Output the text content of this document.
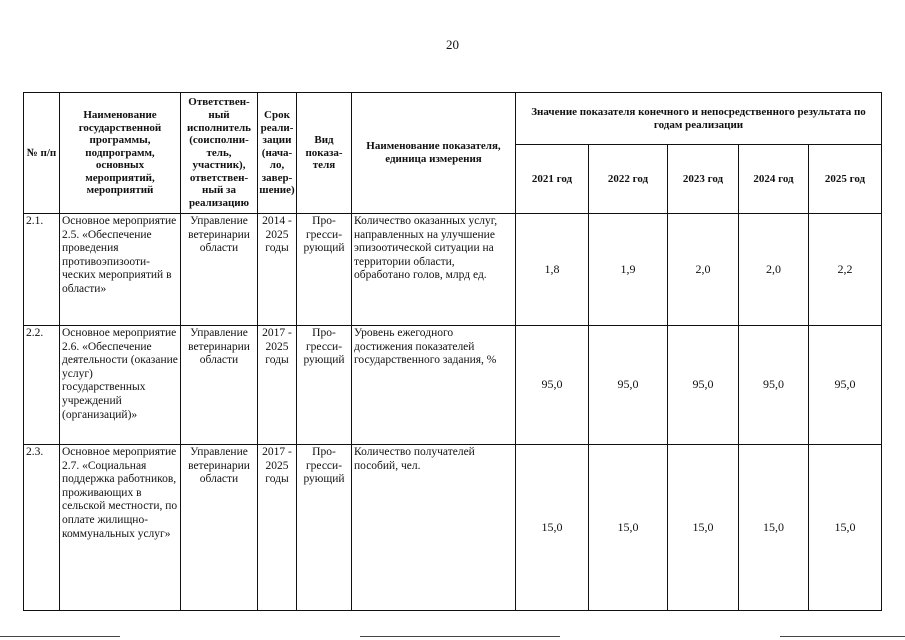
20
№ п/п	Наименование государственной программы, подпрограмм, основных мероприятий, мероприятий	Ответствен-ный исполнитель (соисполни-тель, участник), ответствен-ный за реализацию	Срок реали-зации (нача-ло, завер-шение)	Вид показа-теля	Наименование показателя, единица измерения	Значение показателя конечного и непосредственного результата по годам реализации				
						2021 год	2022 год	2023 год	2024 год	2025 год
2.1.	Основное мероприятие 2.5. «Обеспечение проведения противоэпизооти-ческих мероприятий в области»	Управление ветеринарии области	2014 - 2025 годы	Про-гресси-рующий	Количество оказанных услуг, направленных на улучшение эпизоотической ситуации на территории области, обработано голов, млрд ед.	1,8	1,9	2,0	2,0	2,2
2.2.	Основное мероприятие 2.6. «Обеспечение деятельности (оказание услуг) государственных учреждений (организаций)»	Управление ветеринарии области	2017 - 2025 годы	Про-гресси-рующий	Уровень ежегодного достижения показателей государственного задания, %	95,0	95,0	95,0	95,0	95,0
2.3.	Основное мероприятие 2.7. «Социальная поддержка работников, проживающих в сельской местности, по оплате жилищно-коммунальных услуг»	Управление ветеринарии области	2017 - 2025 годы	Про-гресси-рующий	Количество получателей пособий, чел.	15,0	15,0	15,0	15,0	15,0
